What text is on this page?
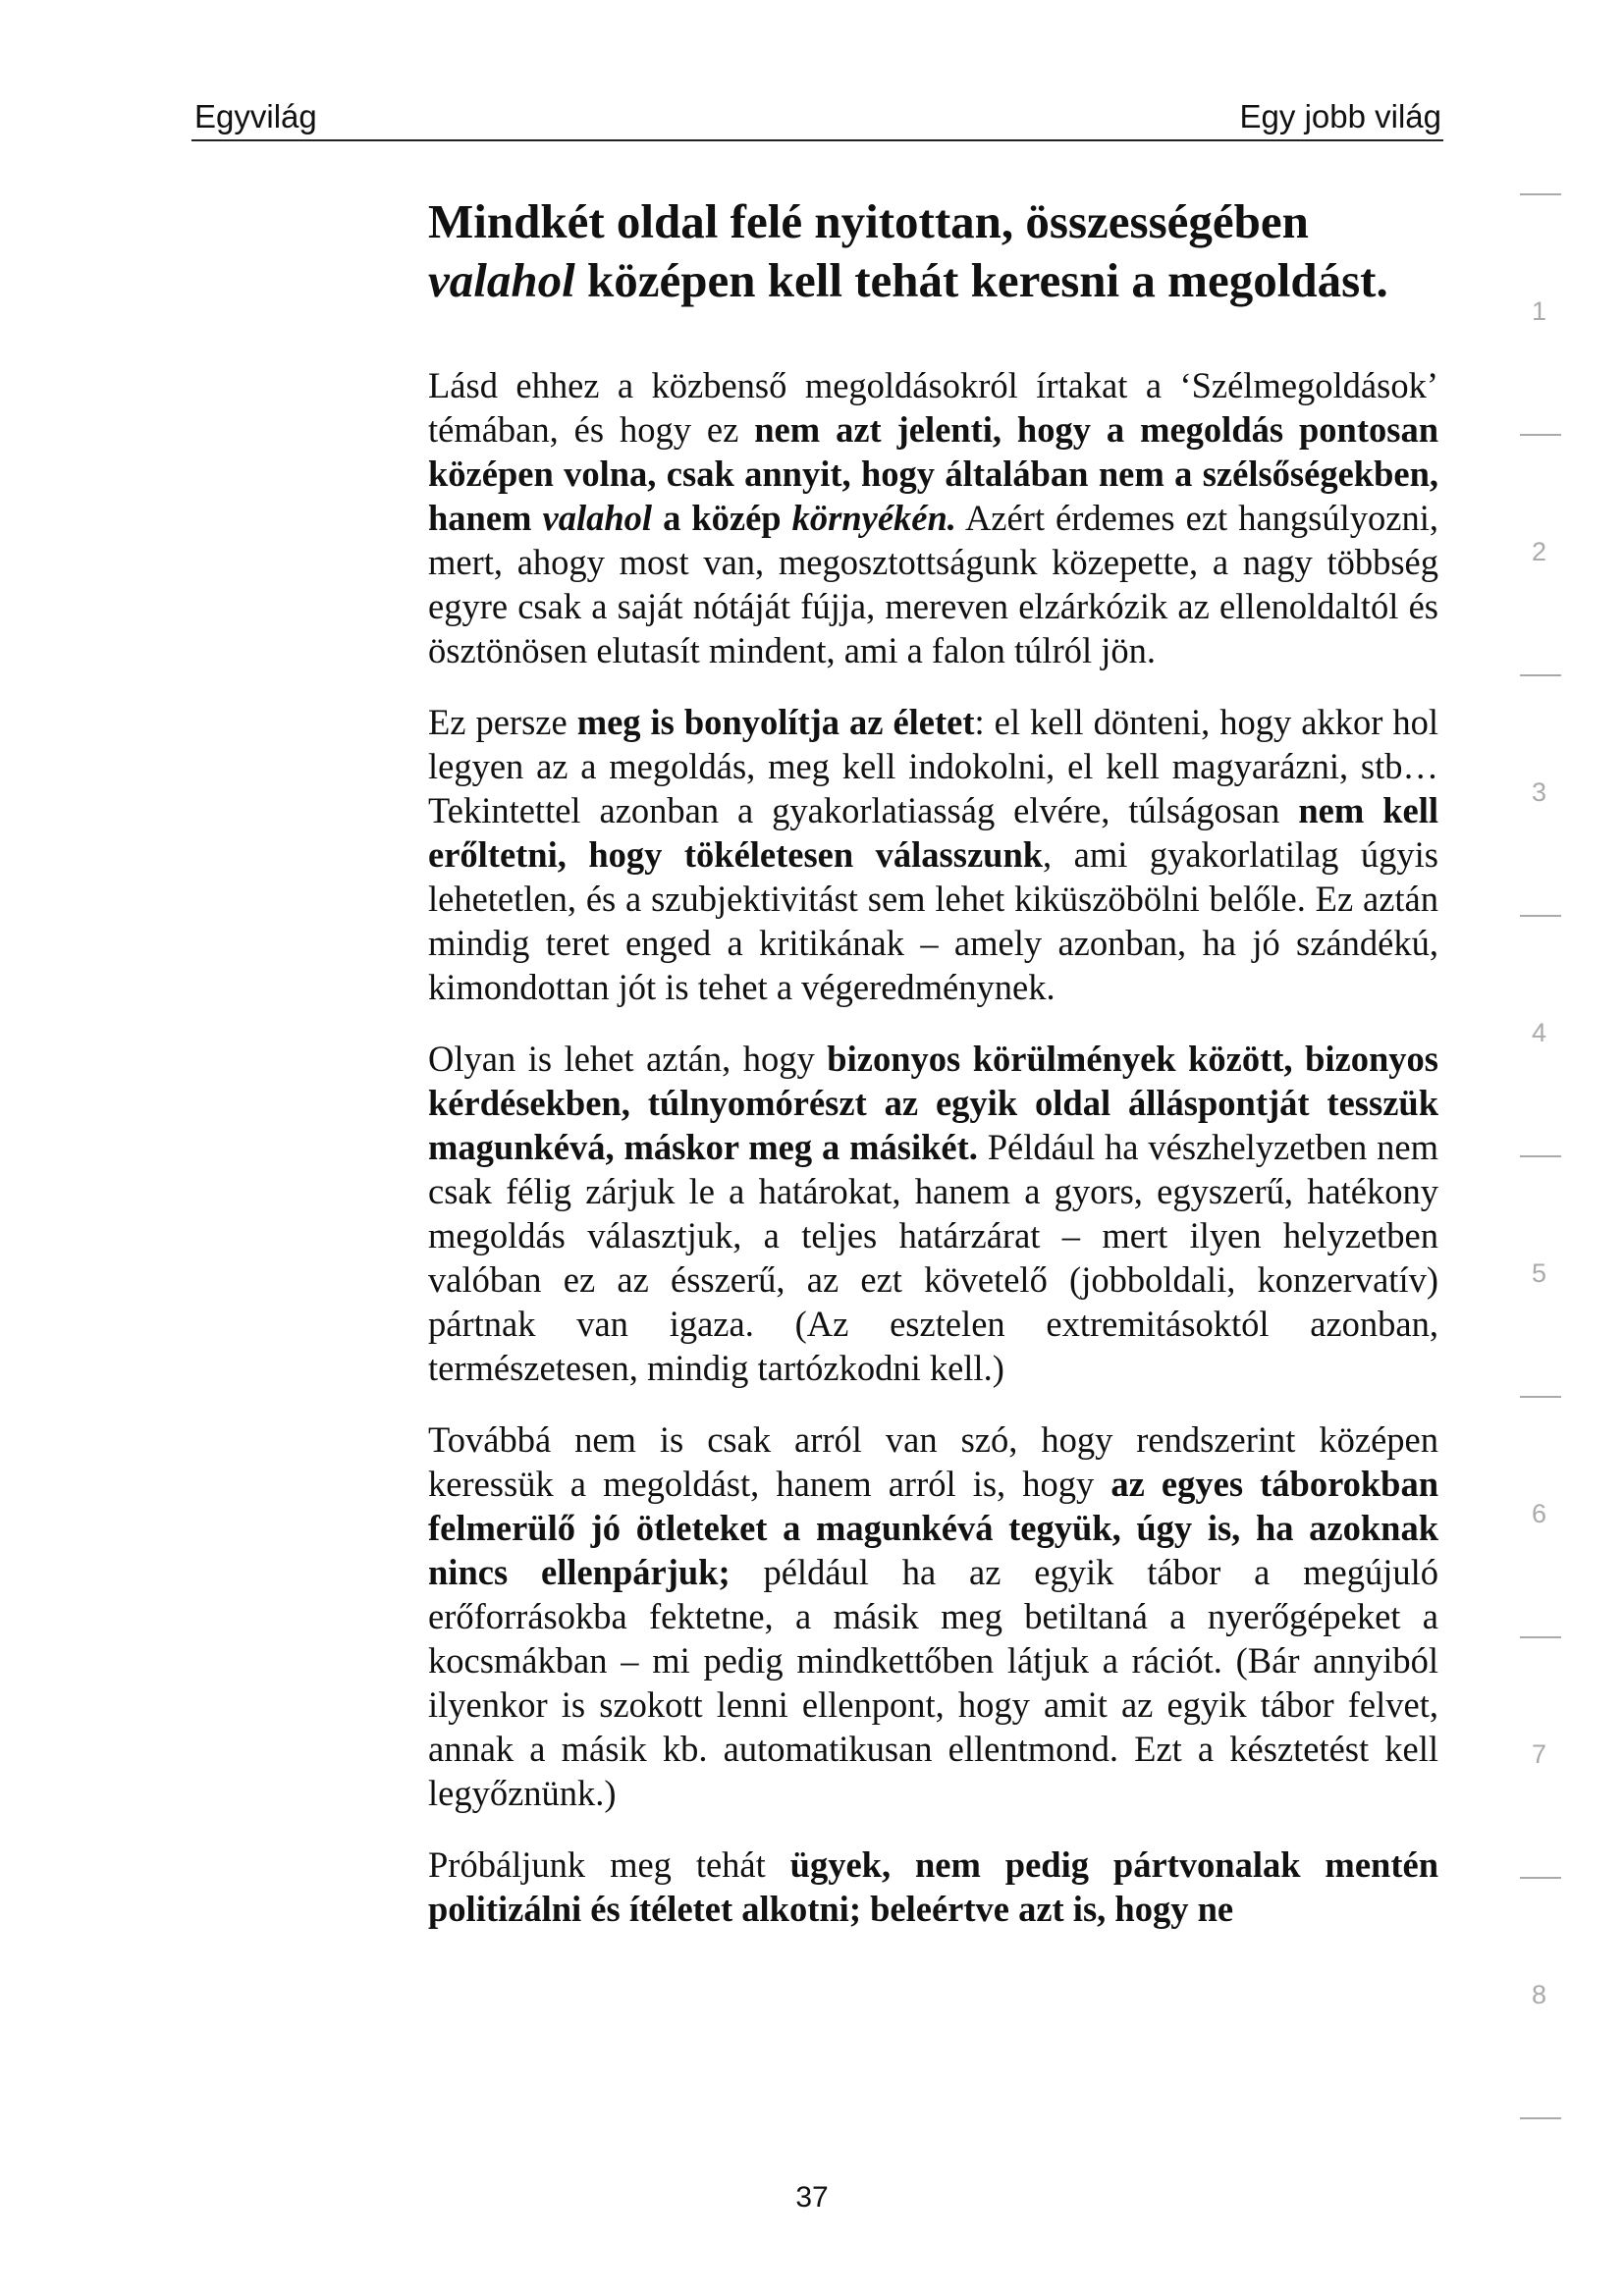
Egyvilág	Egy jobb világ
Mindkét oldal felé nyitottan, összességében
valahol középen kell tehát keresni a megoldást.

Lásd ehhez a közbenső megoldásokról írtakat a ‘Szélmegoldások’ témában, és hogy ez nem azt jelenti, hogy a megoldás pontosan középen volna, csak annyit, hogy általában nem a szélsőségekben, hanem valahol a közép környékén. Azért érdemes ezt hangsúlyozni, mert, ahogy most van, megosztottságunk közepette, a nagy többség egyre csak a saját nótáját fújja, mereven elzárkózik az ellenoldaltól és ösztönösen elutasít mindent, ami a falon túlról jön.

Ez persze meg is bonyolítja az életet: el kell dönteni, hogy akkor hol legyen az a megoldás, meg kell indokolni, el kell magyarázni, stb… Tekintettel azonban a gyakorlatiasság elvére, túlságosan nem kell erőltetni, hogy tökéletesen válasszunk, ami gyakorlatilag úgyis lehetetlen, és a szubjektivitást sem lehet kiküszöbölni belőle. Ez aztán mindig teret enged a kritikának – amely azonban, ha jó szándékú, kimondottan jót is tehet a végeredménynek.

Olyan is lehet aztán, hogy bizonyos körülmények között, bizonyos kérdésekben, túlnyomórészt az egyik oldal álláspontját tesszük magunkévá, máskor meg a másikét. Például ha vészhelyzetben nem csak félig zárjuk le a határokat, hanem a gyors, egyszerű, hatékony megoldás választjuk, a teljes határzárat – mert ilyen helyzetben valóban ez az ésszerű, az ezt követelő (jobboldali, konzervatív) pártnak van igaza. (Az esztelen extremitásoktól azonban, természetesen, mindig tartózkodni kell.)

Továbbá nem is csak arról van szó, hogy rendszerint középen keressük a megoldást, hanem arról is, hogy az egyes táborokban felmerülő jó ötleteket a magunkévá tegyük, úgy is, ha azoknak nincs ellenpárjuk; például ha az egyik tábor a megújuló erőforrásokba fektetne, a másik meg betiltaná a nyerőgépeket a kocsmákban – mi pedig mindkettőben látjuk a rációt. (Bár annyiból ilyenkor is szokott lenni ellenpont, hogy amit az egyik tábor felvet, annak a másik kb. automatikusan ellentmond. Ezt a késztetést kell legyőznünk.)

Próbáljunk meg tehát ügyek, nem pedig pártvonalak mentén politizálni és ítéletet alkotni; beleértve azt is, hogy ne

1
2
3
4
5
6
7
8
37
